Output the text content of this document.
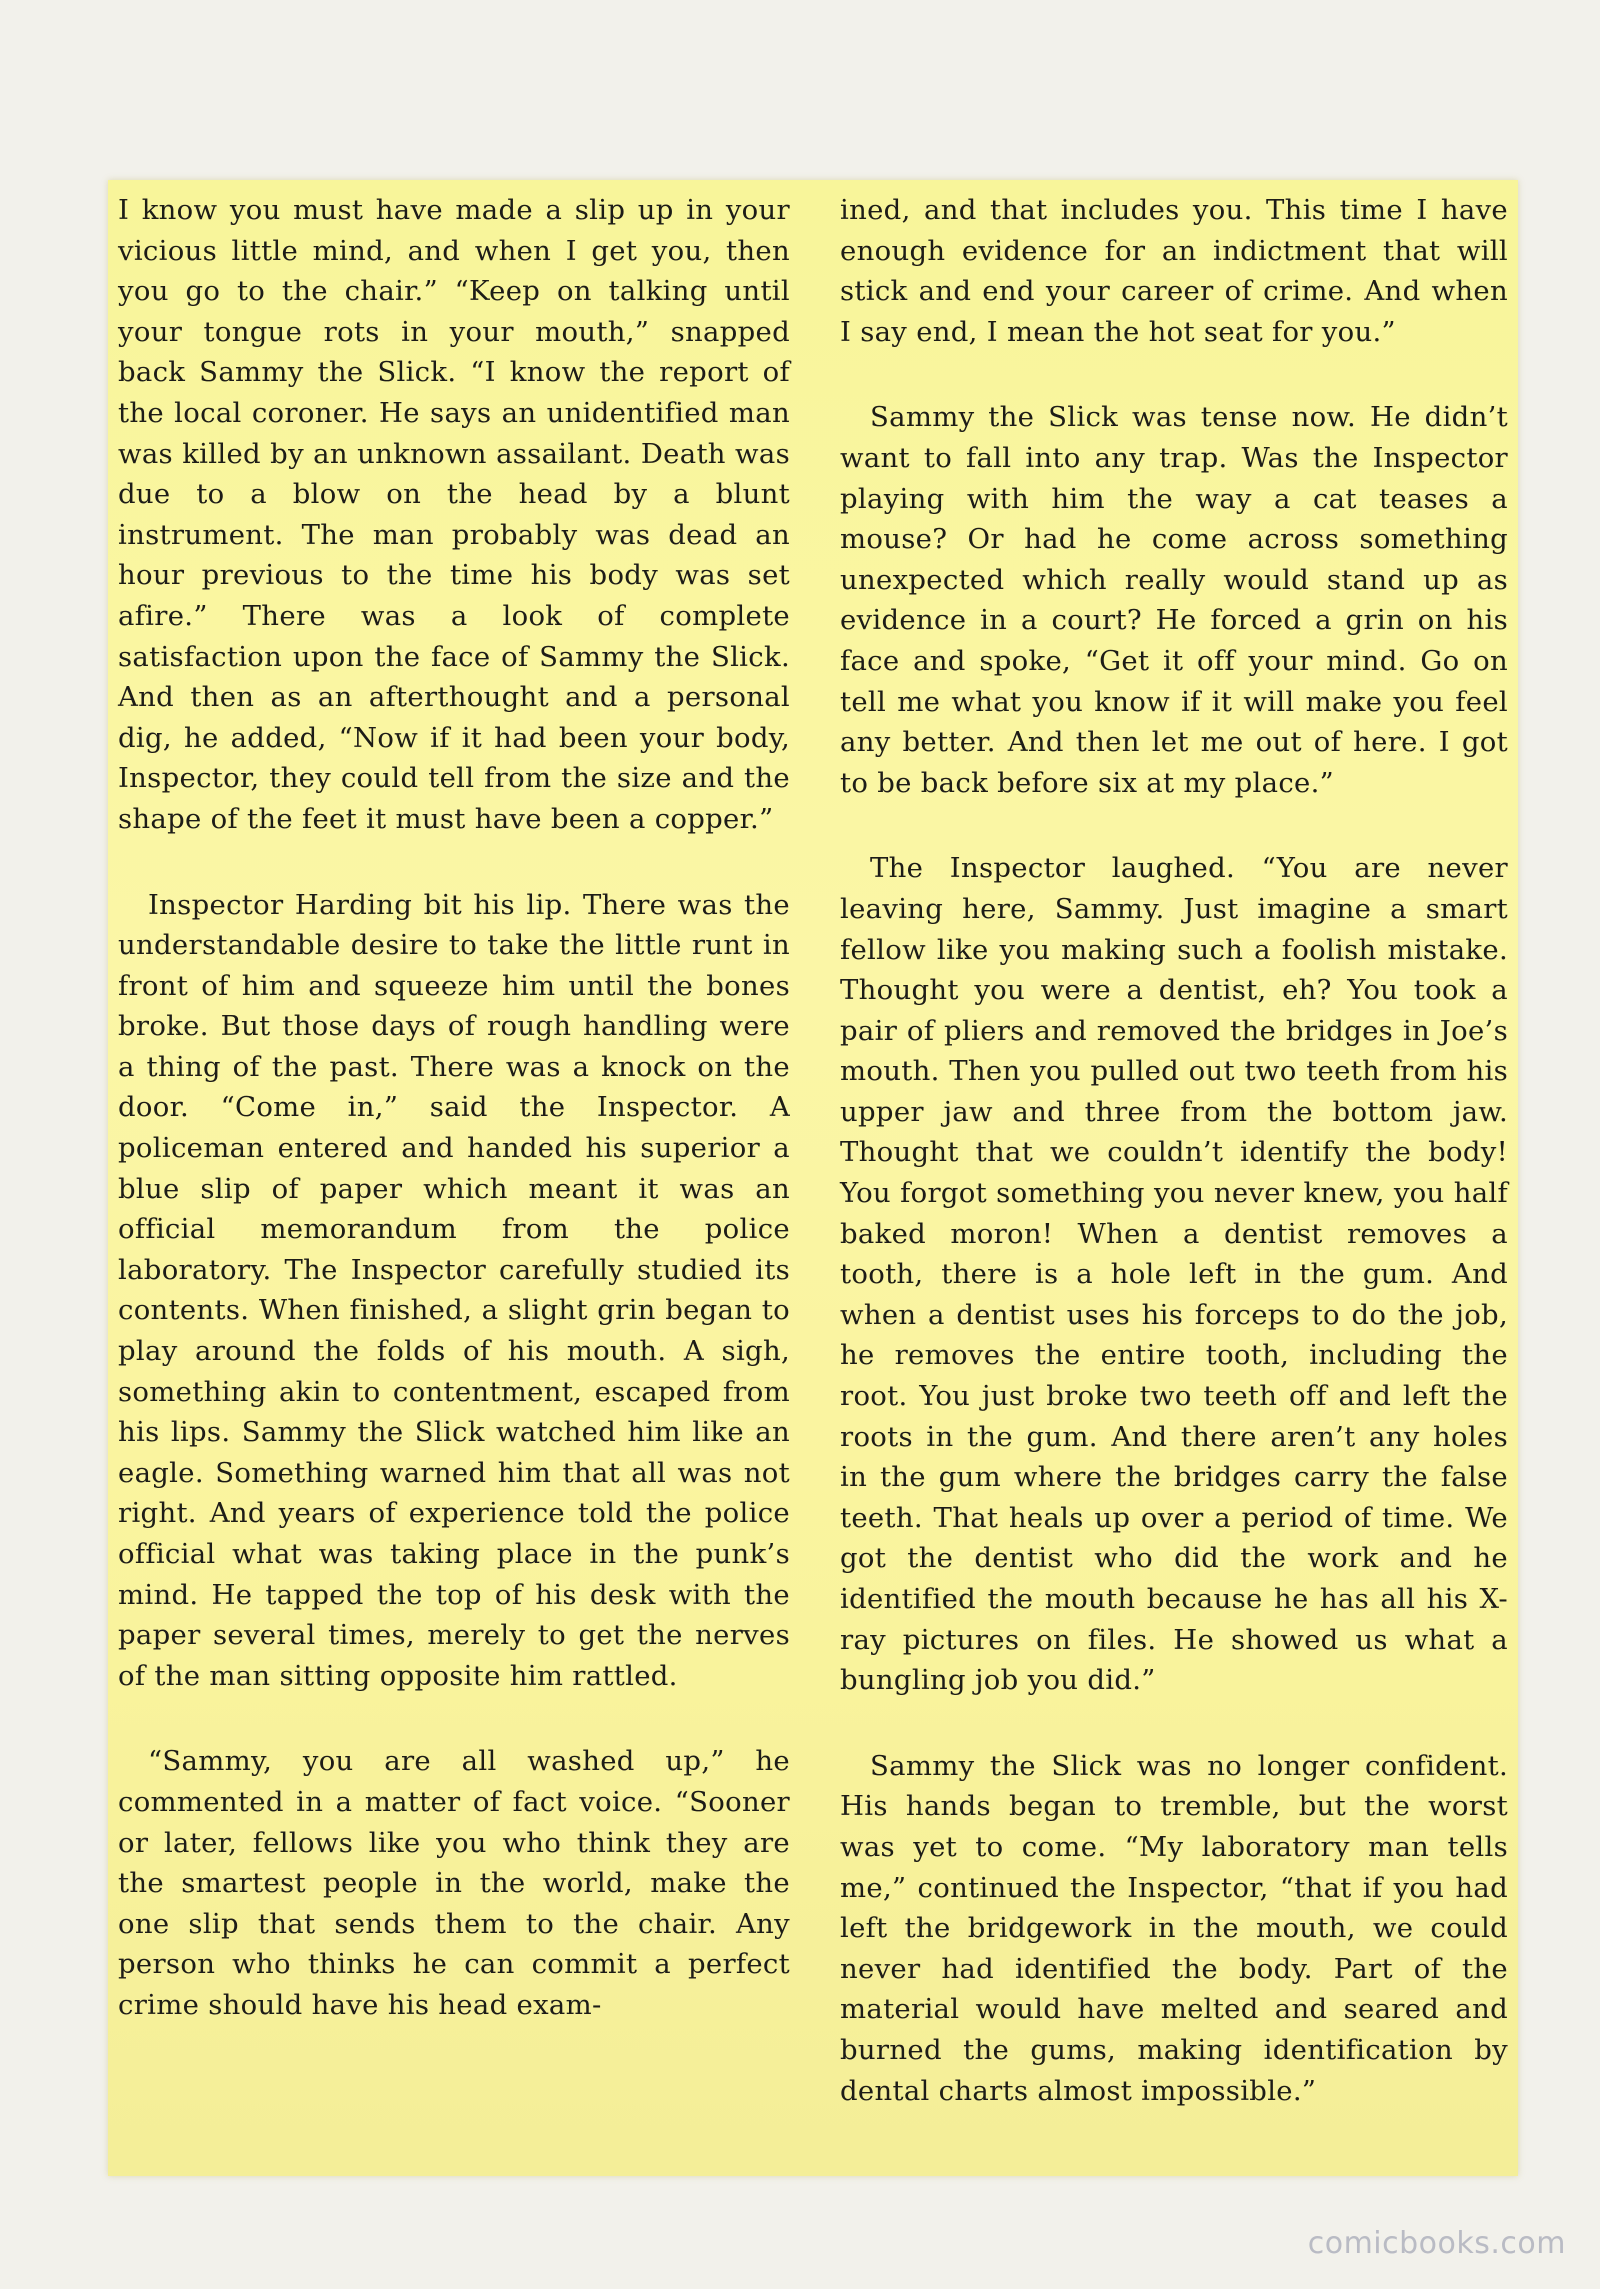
I know you must have made a slip up in your vicious little mind, and when I get you, then you go to the chair.” “Keep on talking until your tongue rots in your mouth,” snapped back Sammy the Slick. “I know the report of the local coroner. He says an unidentified man was killed by an unknown assailant. Death was due to a blow on the head by a blunt instrument. The man probably was dead an hour previous to the time his body was set afire.” There was a look of complete satisfaction upon the face of Sammy the Slick. And then as an afterthought and a personal dig, he added, “Now if it had been your body, Inspector, they could tell from the size and the shape of the feet it must have been a copper.”

Inspector Harding bit his lip. There was the understandable desire to take the little runt in front of him and squeeze him until the bones broke. But those days of rough handling were a thing of the past. There was a knock on the door. “Come in,” said the Inspector. A policeman entered and handed his superior a blue slip of paper which meant it was an official memorandum from the police laboratory. The Inspector carefully studied its contents. When finished, a slight grin began to play around the folds of his mouth. A sigh, something akin to contentment, escaped from his lips. Sammy the Slick watched him like an eagle. Something warned him that all was not right. And years of experience told the police official what was taking place in the punk’s mind. He tapped the top of his desk with the paper several times, merely to get the nerves of the man sitting opposite him rattled.

“Sammy, you are all washed up,” he commented in a matter of fact voice. “Sooner or later, fellows like you who think they are the smartest people in the world, make the one slip that sends them to the chair. Any person who thinks he can commit a perfect crime should have his head exam-

ined, and that includes you. This time I have enough evidence for an indictment that will stick and end your career of crime. And when I say end, I mean the hot seat for you.”

Sammy the Slick was tense now. He didn’t want to fall into any trap. Was the Inspector playing with him the way a cat teases a mouse? Or had he come across something unexpected which really would stand up as evidence in a court? He forced a grin on his face and spoke, “Get it off your mind. Go on tell me what you know if it will make you feel any better. And then let me out of here. I got to be back before six at my place.”

The Inspector laughed. “You are never leaving here, Sammy. Just imagine a smart fellow like you making such a foolish mistake. Thought you were a dentist, eh? You took a pair of pliers and removed the bridges in Joe’s mouth. Then you pulled out two teeth from his upper jaw and three from the bottom jaw. Thought that we couldn’t identify the body! You forgot something you never knew, you half baked moron! When a dentist removes a tooth, there is a hole left in the gum. And when a dentist uses his forceps to do the job, he removes the entire tooth, including the root. You just broke two teeth off and left the roots in the gum. And there aren’t any holes in the gum where the bridges carry the false teeth. That heals up over a period of time. We got the dentist who did the work and he identified the mouth because he has all his X-ray pictures on files. He showed us what a bungling job you did.”

Sammy the Slick was no longer confident. His hands began to tremble, but the worst was yet to come. “My laboratory man tells me,” continued the Inspector, “that if you had left the bridgework in the mouth, we could never had identified the body. Part of the material would have melted and seared and burned the gums, making identification by dental charts almost impossible.”

comicbooks.com
